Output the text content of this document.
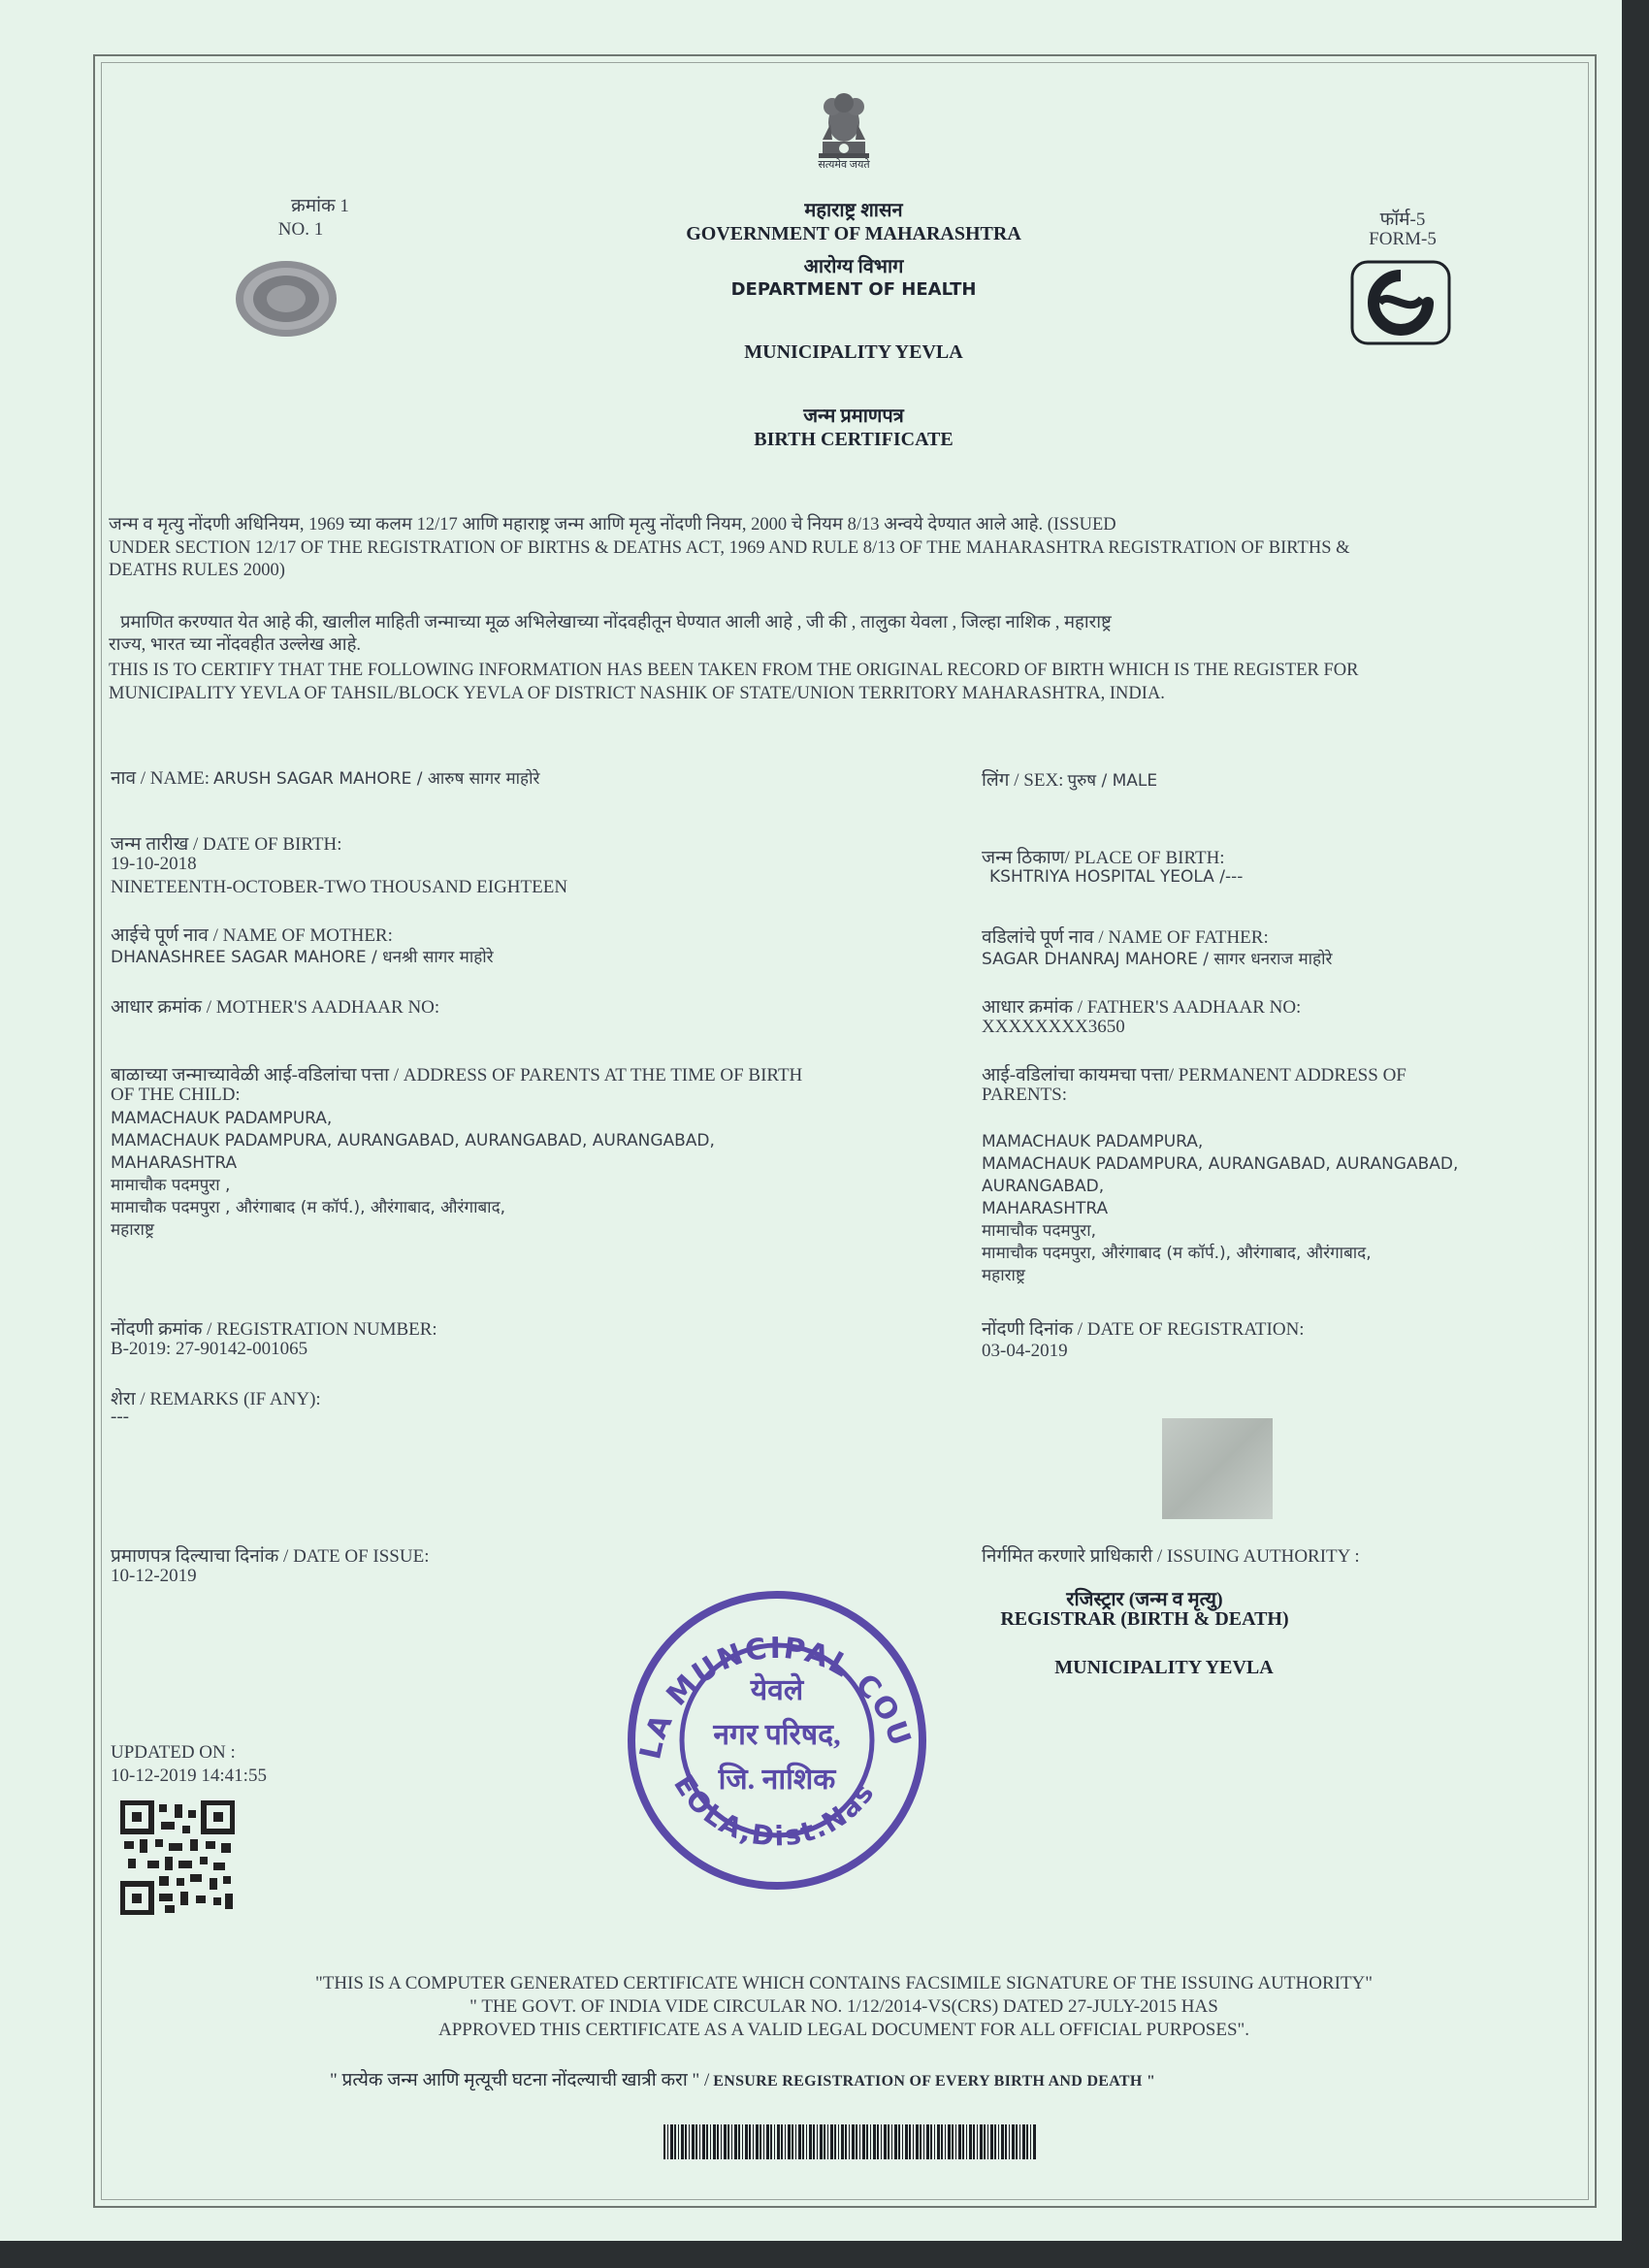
सत्यमेव जयते
क्रमांक 1
NO. 1
महाराष्ट्र शासन
GOVERNMENT OF MAHARASHTRA
आरोग्य विभाग
DEPARTMENT OF HEALTH
MUNICIPALITY YEVLA
जन्म प्रमाणपत्र
BIRTH CERTIFICATE
फॉर्म-5
FORM-5
जन्म व मृत्यु नोंदणी अधिनियम, 1969 च्या कलम 12/17 आणि महाराष्ट्र जन्म आणि मृत्यु नोंदणी नियम, 2000 चे नियम 8/13 अन्वये देण्यात आले आहे. (ISSUED
UNDER SECTION 12/17 OF THE REGISTRATION OF BIRTHS & DEATHS ACT, 1969 AND RULE 8/13 OF THE MAHARASHTRA REGISTRATION OF BIRTHS &
DEATHS RULES 2000)
प्रमाणित करण्यात येत आहे की, खालील माहिती जन्माच्या मूळ अभिलेखाच्या नोंदवहीतून घेण्यात आली आहे , जी की , तालुका येवला , जिल्हा नाशिक , महाराष्ट्र
राज्य, भारत च्या नोंदवहीत उल्लेख आहे.
THIS IS TO CERTIFY THAT THE FOLLOWING INFORMATION HAS BEEN TAKEN FROM THE ORIGINAL RECORD OF BIRTH WHICH IS THE REGISTER FOR
MUNICIPALITY YEVLA OF TAHSIL/BLOCK YEVLA OF DISTRICT NASHIK OF STATE/UNION TERRITORY MAHARASHTRA, INDIA.
नाव / NAME: ARUSH SAGAR MAHORE / आरुष सागर माहोरे	लिंग / SEX: पुरुष / MALE
जन्म तारीख / DATE OF BIRTH:
19-10-2018
NINETEENTH-OCTOBER-TWO THOUSAND EIGHTEEN
जन्म ठिकाण/ PLACE OF BIRTH:
KSHTRIYA HOSPITAL YEOLA /---
आईचे पूर्ण नाव / NAME OF MOTHER:
DHANASHREE SAGAR MAHORE / धनश्री सागर माहोरे
वडिलांचे पूर्ण नाव / NAME OF FATHER:
SAGAR DHANRAJ MAHORE / सागर धनराज माहोरे
आधार क्रमांक / MOTHER'S AADHAAR NO:	आधार क्रमांक / FATHER'S AADHAAR NO:
XXXXXXXX3650
बाळाच्या जन्माच्यावेळी आई-वडिलांचा पत्ता / ADDRESS OF PARENTS AT THE TIME OF BIRTH
OF THE CHILD:
MAMACHAUK PADAMPURA,
MAMACHAUK PADAMPURA, AURANGABAD, AURANGABAD, AURANGABAD,
MAHARASHTRA
मामाचौक पदमपुरा ,
मामाचौक पदमपुरा , औरंगाबाद (म कॉर्प.), औरंगाबाद, औरंगाबाद,
महाराष्ट्र
आई-वडिलांचा कायमचा पत्ता/ PERMANENT ADDRESS OF
PARENTS:
MAMACHAUK PADAMPURA,
MAMACHAUK PADAMPURA, AURANGABAD, AURANGABAD,
AURANGABAD,
MAHARASHTRA
मामाचौक पदमपुरा,
मामाचौक पदमपुरा, औरंगाबाद (म कॉर्प.), औरंगाबाद, औरंगाबाद,
महाराष्ट्र
नोंदणी क्रमांक / REGISTRATION NUMBER:
B-2019: 27-90142-001065
नोंदणी दिनांक / DATE OF REGISTRATION:
03-04-2019
शेरा / REMARKS (IF ANY):
---
प्रमाणपत्र दिल्याचा दिनांक / DATE OF ISSUE:
10-12-2019
निर्गमित करणारे प्राधिकारी / ISSUING AUTHORITY :
रजिस्ट्रार (जन्म व मृत्यु)
REGISTRAR (BIRTH & DEATH)
MUNICIPALITY YEVLA
LA MUNCIPAL COU
EOLA,Dist.Nas
येवले
नगर परिषद,
जि. नाशिक
UPDATED ON :
10-12-2019 14:41:55
"THIS IS A COMPUTER GENERATED CERTIFICATE WHICH CONTAINS FACSIMILE SIGNATURE OF THE ISSUING AUTHORITY"
" THE GOVT. OF INDIA VIDE CIRCULAR NO. 1/12/2014-VS(CRS) DATED 27-JULY-2015 HAS
APPROVED THIS CERTIFICATE AS A VALID LEGAL DOCUMENT FOR ALL OFFICIAL PURPOSES".
" प्रत्येक जन्म आणि मृत्यूची घटना नोंदल्याची खात्री करा " / ENSURE REGISTRATION OF EVERY BIRTH AND DEATH "
